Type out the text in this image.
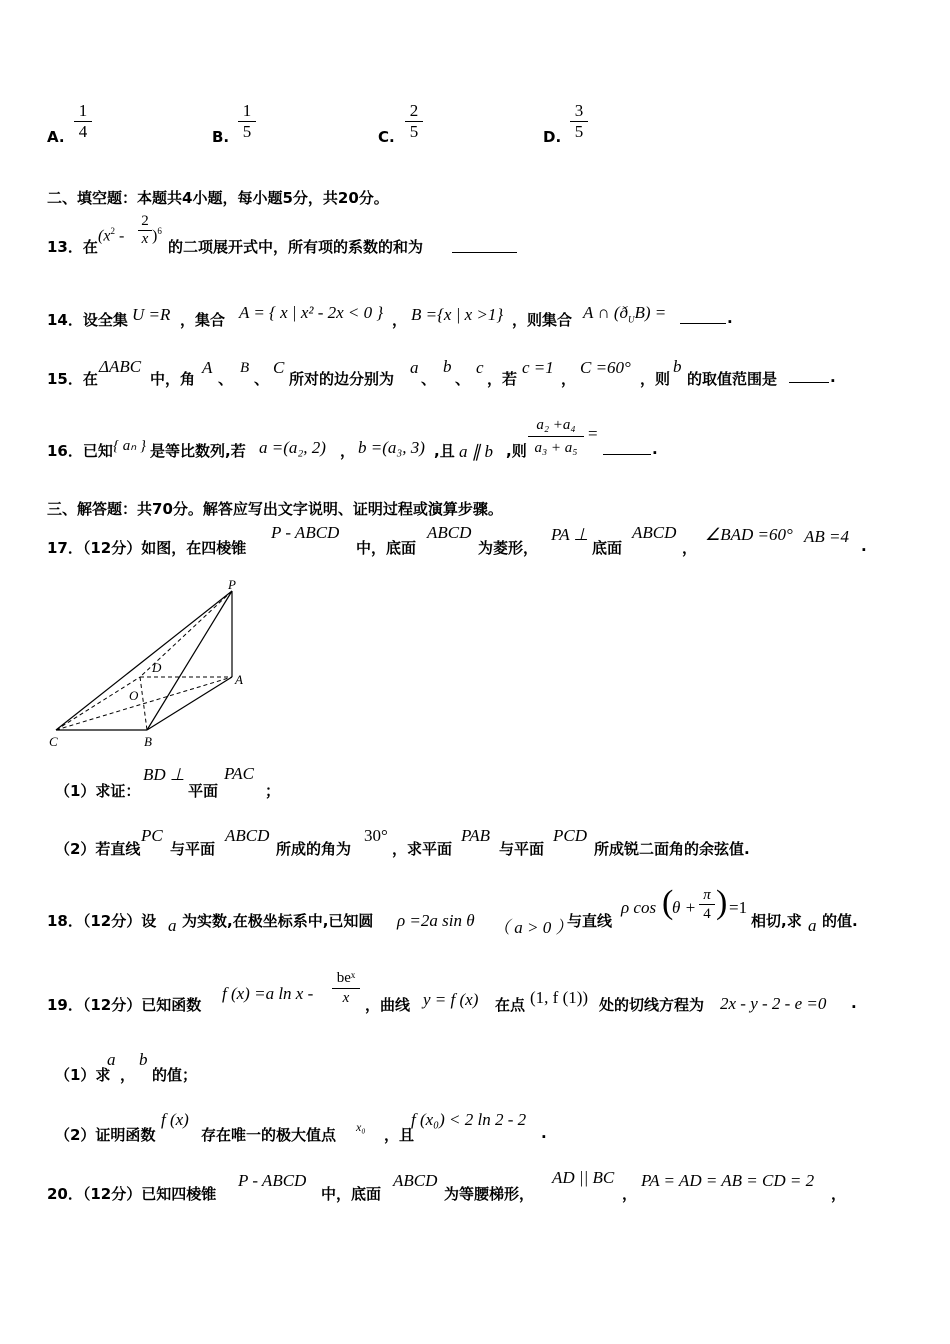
A.
1
4	B.
1
5	C.
2
5	D.
3
5
二、填空题：本题共4小题，每小题5分，共20分。
13．在
($x^2$ -
2
x )$^6$
的二项展开式中，所有项的系数的和为
14．设全集 U =R ，集合 A = { x | x² - 2x < 0 } ， B ={x | x >1} ，则集合 A ∩ $(ð_UB)$ =	.
15．在
ΔABC
中，角
A
、
B
、
C
所对的边分别为
a
、
b
、
c
，若
c =1
，
C =60°
，则
b
的取值范围是	.
16．已知 { aₙ } 是等比数列,若 a =(a₂, 2) ， b =(a₃, 3) ,且 a ∥ b ,则
a₂ +a₄
a₃ + a₅
=
.
三、解答题：共70分。解答应写出文字说明、证明过程或演算步骤。
17．（12分）如图，在四棱锥
P - ABCD
中，底面
ABCD
为菱形，
PA ⊥
底面
ABCD
，
∠BAD =60° AB =4 .
P
D
O
A
C	B
（1）求证：
BD ⊥
平面
PAC
；
（2）若直线
PC
与平面
ABCD
所成的角为
30°
，求平面
PAB
与平面
PCD
所成锐二面角的余弦值.
18．（12分）设 a 为实数,在极坐标系中,已知圆 ρ =2a sin θ （ a > 0 ）
与直线
ρ cos (
θ +
π
4 ) =1
相切,求 a 的值.
19．（12分）已知函数
f (x) =a ln x -
beˣ
x	，曲线 y = f (x) 在点 (1, f (1)) 处的切线方程为 2x - y - 2 - e =0 .
（1）求
a
，
b
的值；
（2）证明函数
f (x)
存在唯一的极大值点 x₀ ，且
f (x₀) < 2 ln 2 - 2
.
20．（12分）已知四棱锥
P - ABCD
中，底面
ABCD
为等腰梯形，
AD || BC
，
PA = AD = AB = CD = 2
，
